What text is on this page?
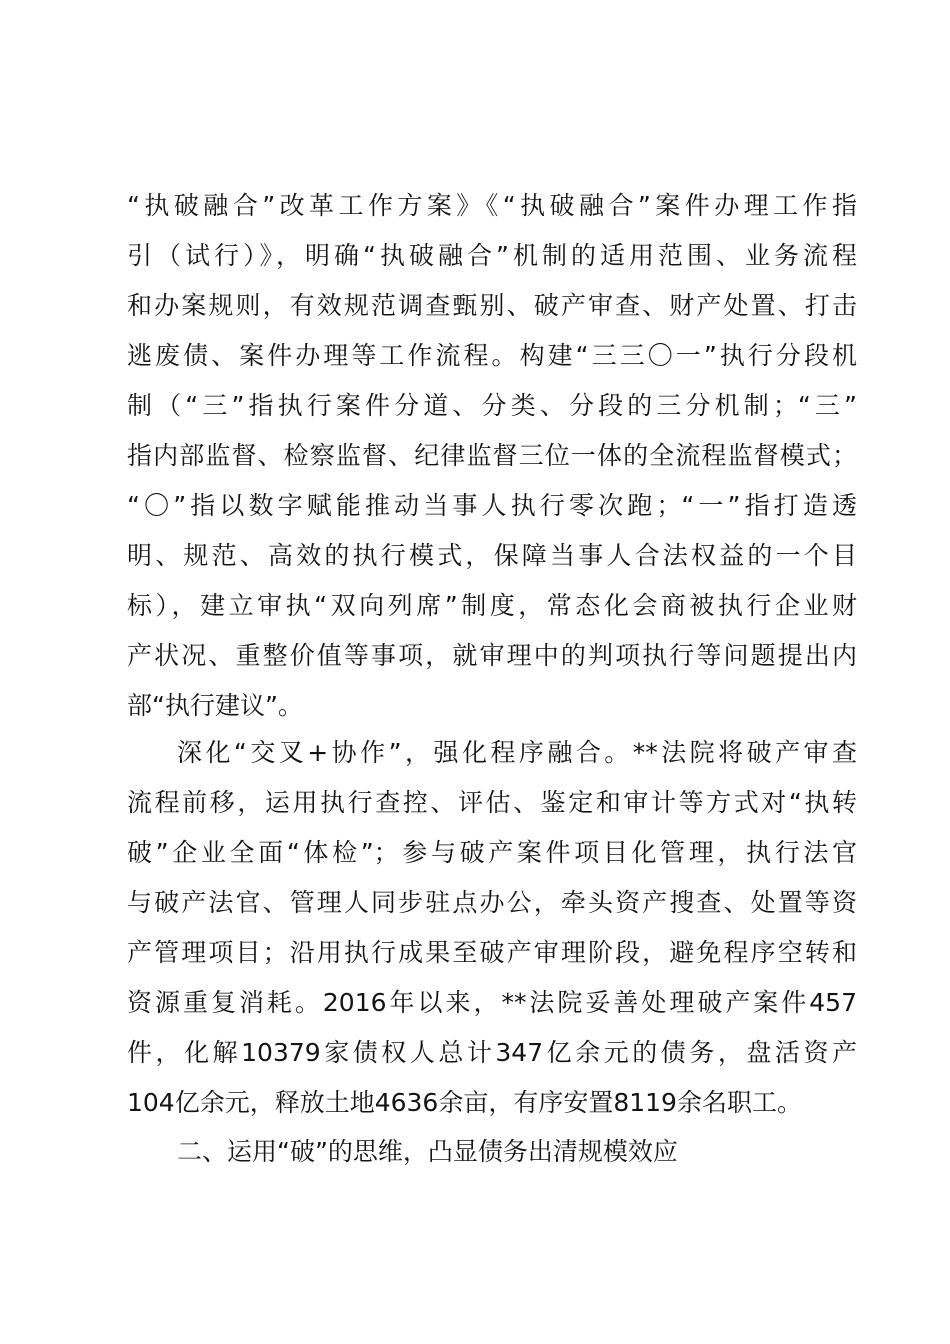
“执破融合”改革工作方案》《“执破融合”案件办理工作指
引（试行）》，明确“执破融合”机制的适用范围、业务流程
和办案规则，有效规范调查甄别、破产审查、财产处置、打击
逃废债、案件办理等工作流程。构建“三三〇一”执行分段机
制（“三”指执行案件分道、分类、分段的三分机制；“三”
指内部监督、检察监督、纪律监督三位一体的全流程监督模式；
“〇”指以数字赋能推动当事人执行零次跑；“一”指打造透
明、规范、高效的执行模式，保障当事人合法权益的一个目
标），建立审执“双向列席”制度，常态化会商被执行企业财
产状况、重整价值等事项，就审理中的判项执行等问题提出内
部“执行建议”。
深化“交叉+协作”，强化程序融合。**法院将破产审查
流程前移，运用执行查控、评估、鉴定和审计等方式对“执转
破”企业全面“体检”；参与破产案件项目化管理，执行法官
与破产法官、管理人同步驻点办公，牵头资产搜查、处置等资
产管理项目；沿用执行成果至破产审理阶段，避免程序空转和
资源重复消耗。2016年以来，**法院妥善处理破产案件457
件，化解10379家债权人总计347亿余元的债务，盘活资产
104亿余元，释放土地4636余亩，有序安置8119余名职工。
二、运用“破”的思维，凸显债务出清规模效应
